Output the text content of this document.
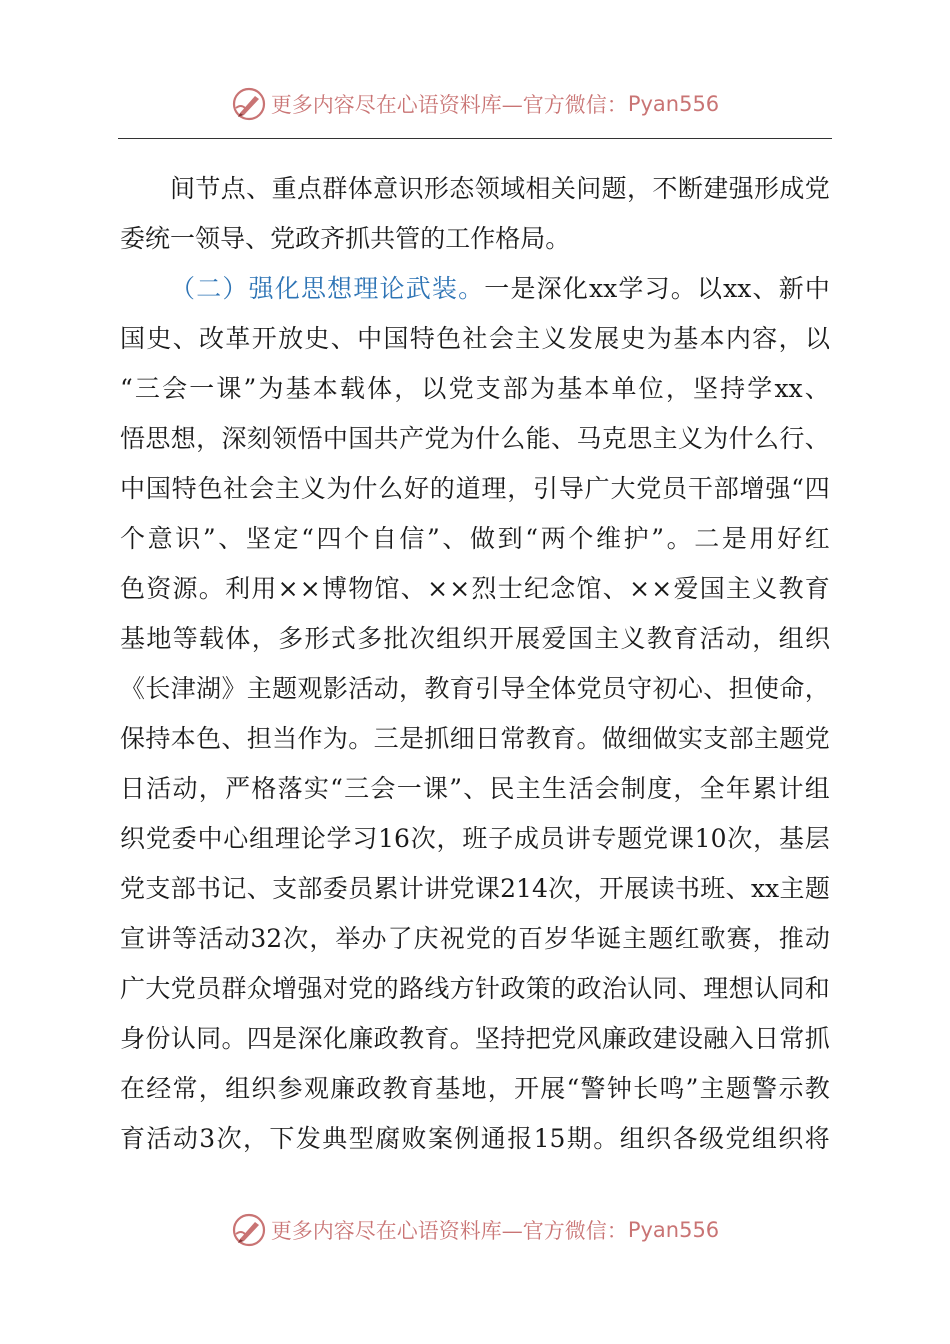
更多内容尽在心语资料库—官方微信： Pyan556
间 节 点 、 重 点 群 体 意 识 形 态 领 域 相 关 问 题 ， 不 断 建 强 形 成 党
委 统 一 领 导 、 党 政 齐 抓 共 管 的 工 作 格 局 。
（ 二 ） 强 化 思 想 理 论 武 装 。 一 是 深 化 xx 学 习 。 以 xx 、 新 中
国 史 、 改 革 开 放 史 、 中 国 特 色 社 会 主 义 发 展 史 为 基 本 内 容 ， 以
“ 三 会 一 课 ” 为 基 本 载 体 ， 以 党 支 部 为 基 本 单 位 ， 坚 持 学 xx 、
悟 思 想 ， 深 刻 领 悟 中 国 共 产 党 为 什 么 能 、 马 克 思 主 义 为 什 么 行 、
中 国 特 色 社 会 主 义 为 什 么 好 的 道 理 ， 引 导 广 大 党 员 干 部 增 强 “ 四
个 意 识 ” 、 坚 定 “ 四 个 自 信 ” 、 做 到 “ 两 个 维 护 ” 。 二 是 用 好 红
色 资 源 。 利 用 × × 博 物 馆 、 × × 烈 士 纪 念 馆 、 × × 爱 国 主 义 教 育
基 地 等 载 体 ， 多 形 式 多 批 次 组 织 开 展 爱 国 主 义 教 育 活 动 ， 组 织
《 长 津 湖 》 主 题 观 影 活 动 ， 教 育 引 导 全 体 党 员 守 初 心 、 担 使 命 ，
保 持 本 色 、 担 当 作 为 。 三 是 抓 细 日 常 教 育 。 做 细 做 实 支 部 主 题 党
日 活 动 ， 严 格 落 实 “ 三 会 一 课 ” 、 民 主 生 活 会 制 度 ， 全 年 累 计 组
织 党 委 中 心 组 理 论 学 习 16 次 ， 班 子 成 员 讲 专 题 党 课 10 次 ， 基 层
党 支 部 书 记 、 支 部 委 员 累 计 讲 党 课 214 次 ， 开 展 读 书 班 、 xx 主 题
宣 讲 等 活 动 32 次 ， 举 办 了 庆 祝 党 的 百 岁 华 诞 主 题 红 歌 赛 ， 推 动
广 大 党 员 群 众 增 强 对 党 的 路 线 方 针 政 策 的 政 治 认 同 、 理 想 认 同 和
身 份 认 同 。 四 是 深 化 廉 政 教 育 。 坚 持 把 党 风 廉 政 建 设 融 入 日 常 抓
在 经 常 ， 组 织 参 观 廉 政 教 育 基 地 ， 开 展 “ 警 钟 长 鸣 ” 主 题 警 示 教
育 活 动 3 次 ， 下 发 典 型 腐 败 案 例 通 报 15 期 。 组 织 各 级 党 组 织 将
更多内容尽在心语资料库—官方微信： Pyan556
